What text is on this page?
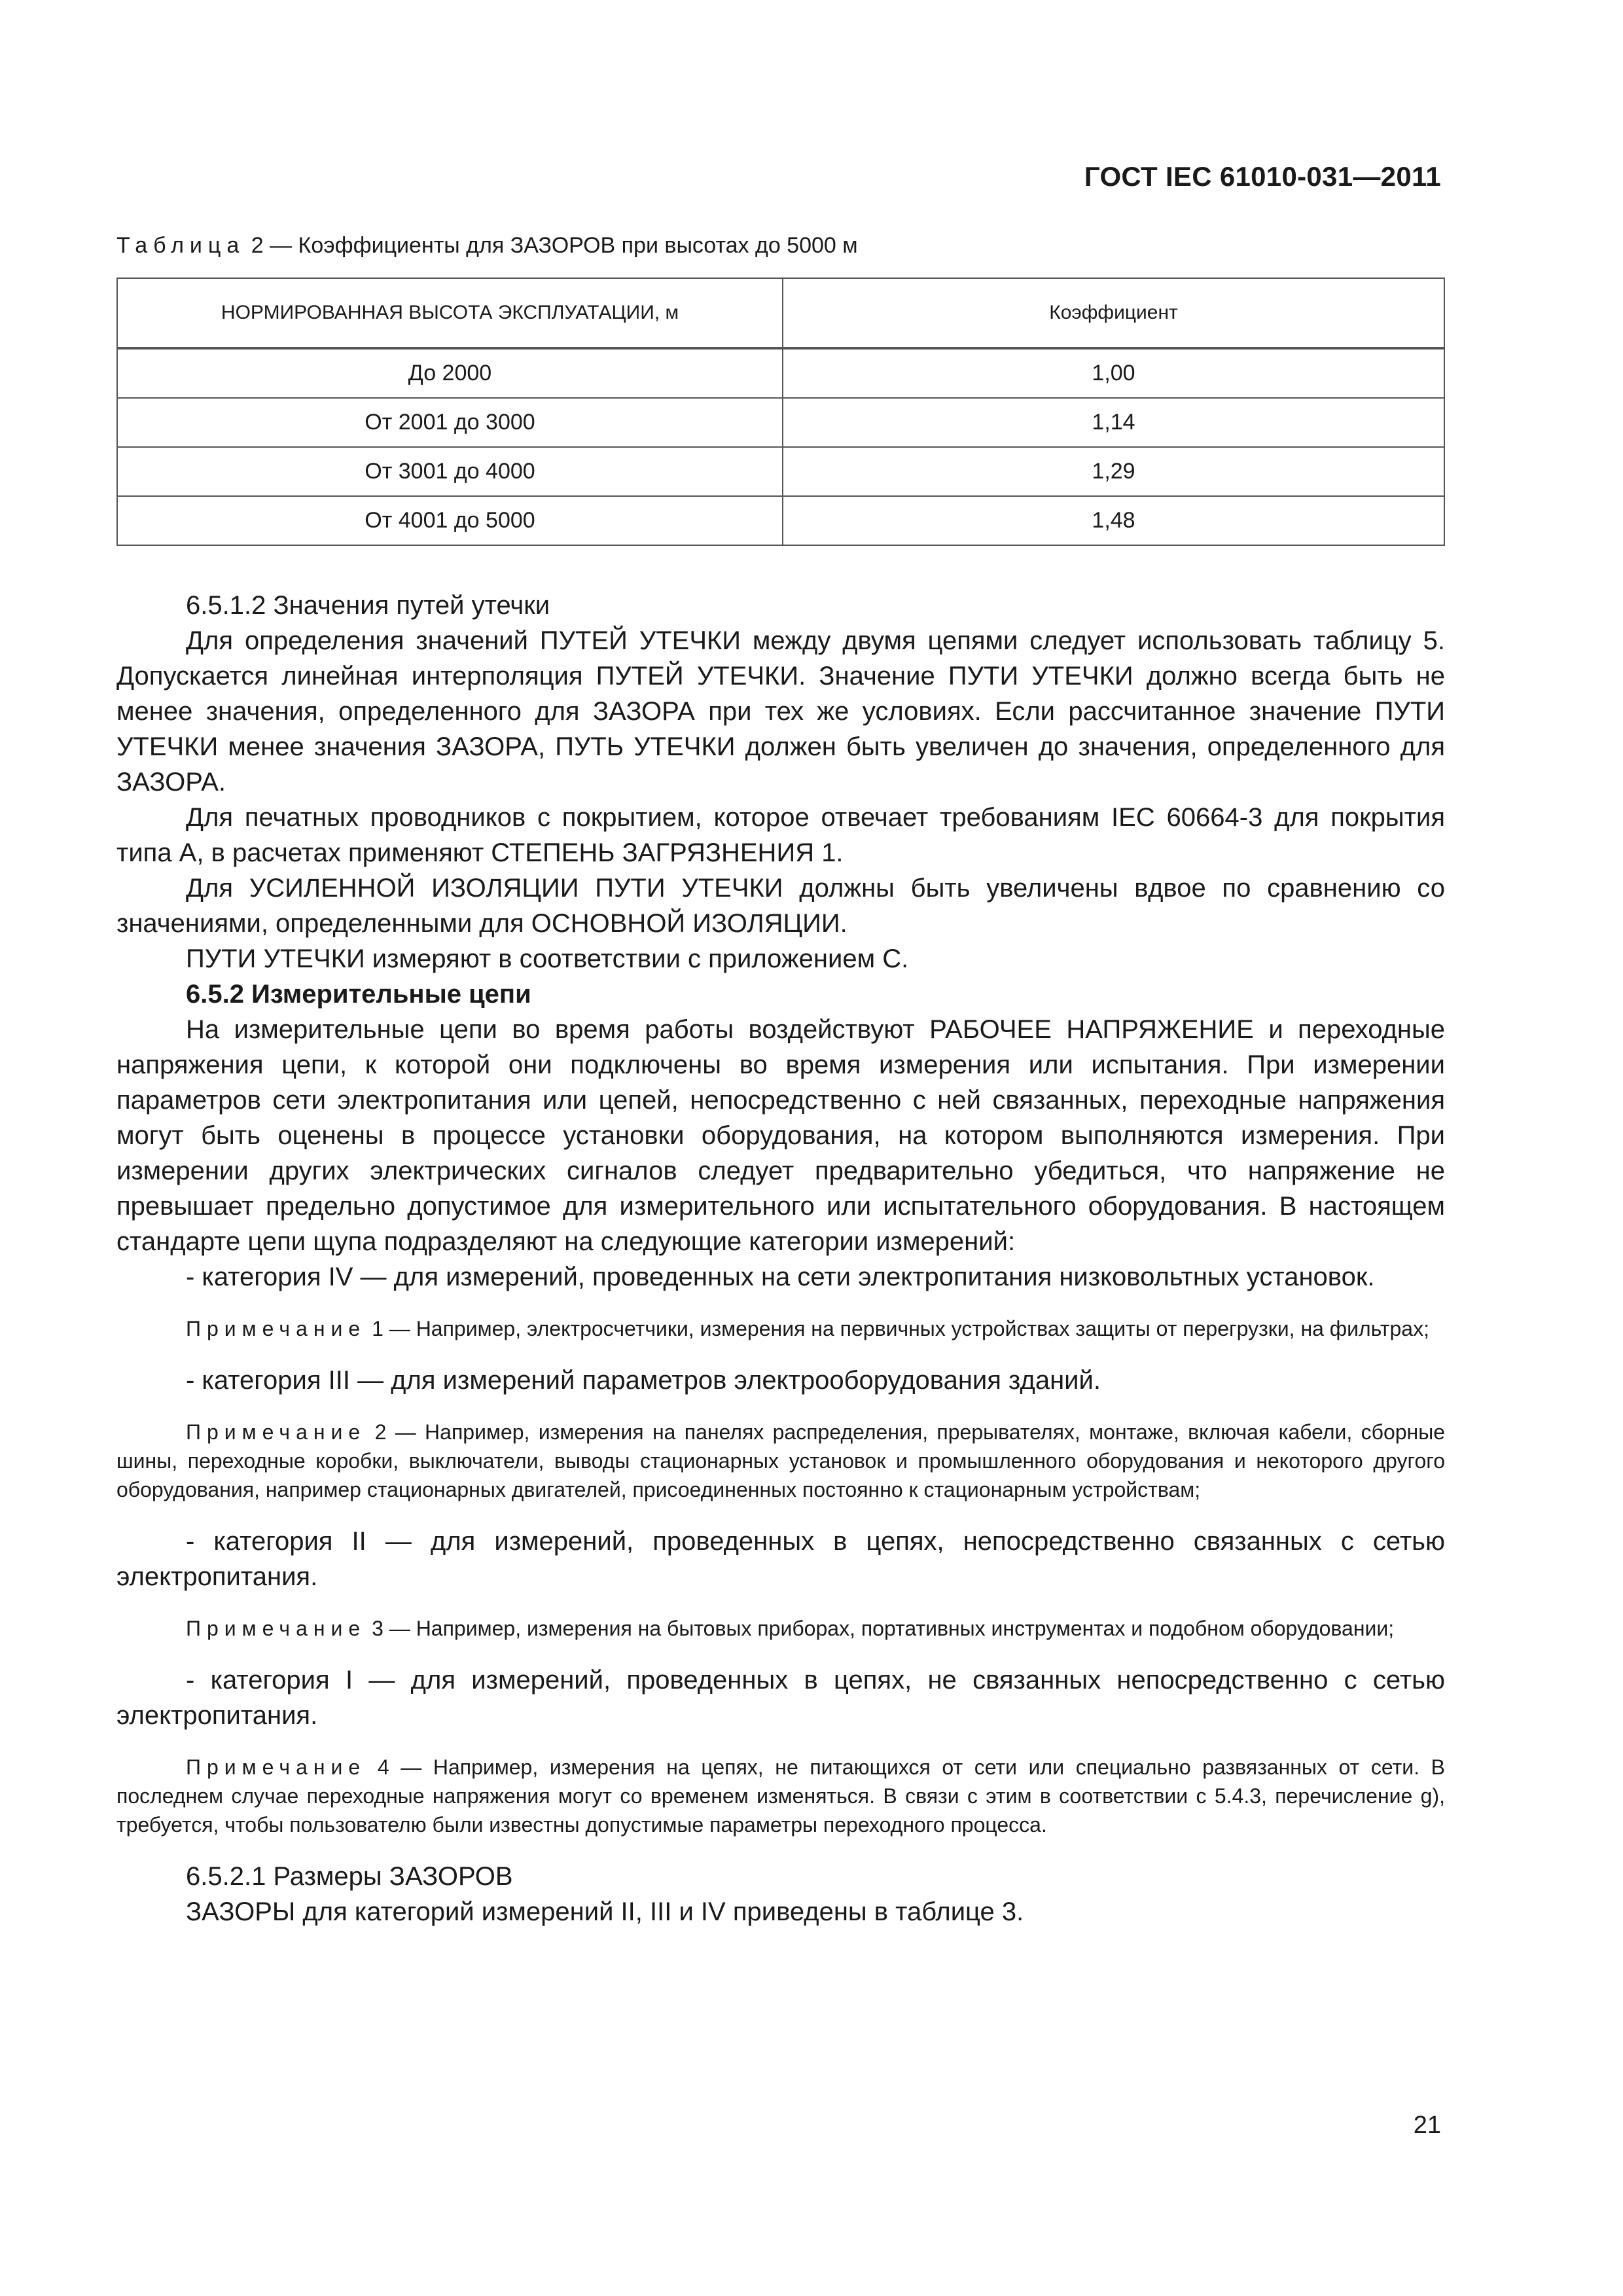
ГОСТ IEC 61010-031—2011
Таблица 2 — Коэффициенты для ЗАЗОРОВ при высотах до 5000 м
НОРМИРОВАННАЯ ВЫСОТА ЭКСПЛУАТАЦИИ, м	Коэффициент
До 2000	1,00
От 2001 до 3000	1,14
От 3001 до 4000	1,29
От 4001 до 5000	1,48

6.5.1.2 Значения путей утечки

Для определения значений ПУТЕЙ УТЕЧКИ между двумя цепями следует использовать таблицу 5. Допускается линейная интерполяция ПУТЕЙ УТЕЧКИ. Значение ПУТИ УТЕЧКИ должно всегда быть не менее значения, определенного для ЗАЗОРА при тех же условиях. Если рассчитанное значение ПУТИ УТЕЧКИ менее значения ЗАЗОРА, ПУТЬ УТЕЧКИ должен быть увеличен до значения, определенного для ЗАЗОРА.

Для печатных проводников с покрытием, которое отвечает требованиям IEC 60664-3 для покрытия типа А, в расчетах применяют СТЕПЕНЬ ЗАГРЯЗНЕНИЯ 1.

Для УСИЛЕННОЙ ИЗОЛЯЦИИ ПУТИ УТЕЧКИ должны быть увеличены вдвое по сравнению со значениями, определенными для ОСНОВНОЙ ИЗОЛЯЦИИ.

ПУТИ УТЕЧКИ измеряют в соответствии с приложением С.

6.5.2 Измерительные цепи

На измерительные цепи во время работы воздействуют РАБОЧЕЕ НАПРЯЖЕНИЕ и переходные напряжения цепи, к которой они подключены во время измерения или испытания. При измерении параметров сети электропитания или цепей, непосредственно с ней связанных, переходные напряжения могут быть оценены в процессе установки оборудования, на котором выполняются измерения. При измерении других электрических сигналов следует предварительно убедиться, что напряжение не превышает предельно допустимое для измерительного или испытательного оборудования. В настоящем стандарте цепи щупа подразделяют на следующие категории измерений:

- категория IV — для измерений, проведенных на сети электропитания низковольтных установок.

Примечание 1 — Например, электросчетчики, измерения на первичных устройствах защиты от перегрузки, на фильтрах;

- категория III — для измерений параметров электрооборудования зданий.

Примечание 2 — Например, измерения на панелях распределения, прерывателях, монтаже, включая кабели, сборные шины, переходные коробки, выключатели, выводы стационарных установок и промышленного оборудования и некоторого другого оборудования, например стационарных двигателей, присоединенных постоянно к стационарным устройствам;

- категория II — для измерений, проведенных в цепях, непосредственно связанных с сетью электропитания.

Примечание 3 — Например, измерения на бытовых приборах, портативных инструментах и подобном оборудовании;

- категория I — для измерений, проведенных в цепях, не связанных непосредственно с сетью электропитания.

Примечание 4 — Например, измерения на цепях, не питающихся от сети или специально развязанных от сети. В последнем случае переходные напряжения могут со временем изменяться. В связи с этим в соответствии с 5.4.3, перечисление g), требуется, чтобы пользователю были известны допустимые параметры переходного процесса.

6.5.2.1 Размеры ЗАЗОРОВ

ЗАЗОРЫ для категорий измерений II, III и IV приведены в таблице 3.

21
